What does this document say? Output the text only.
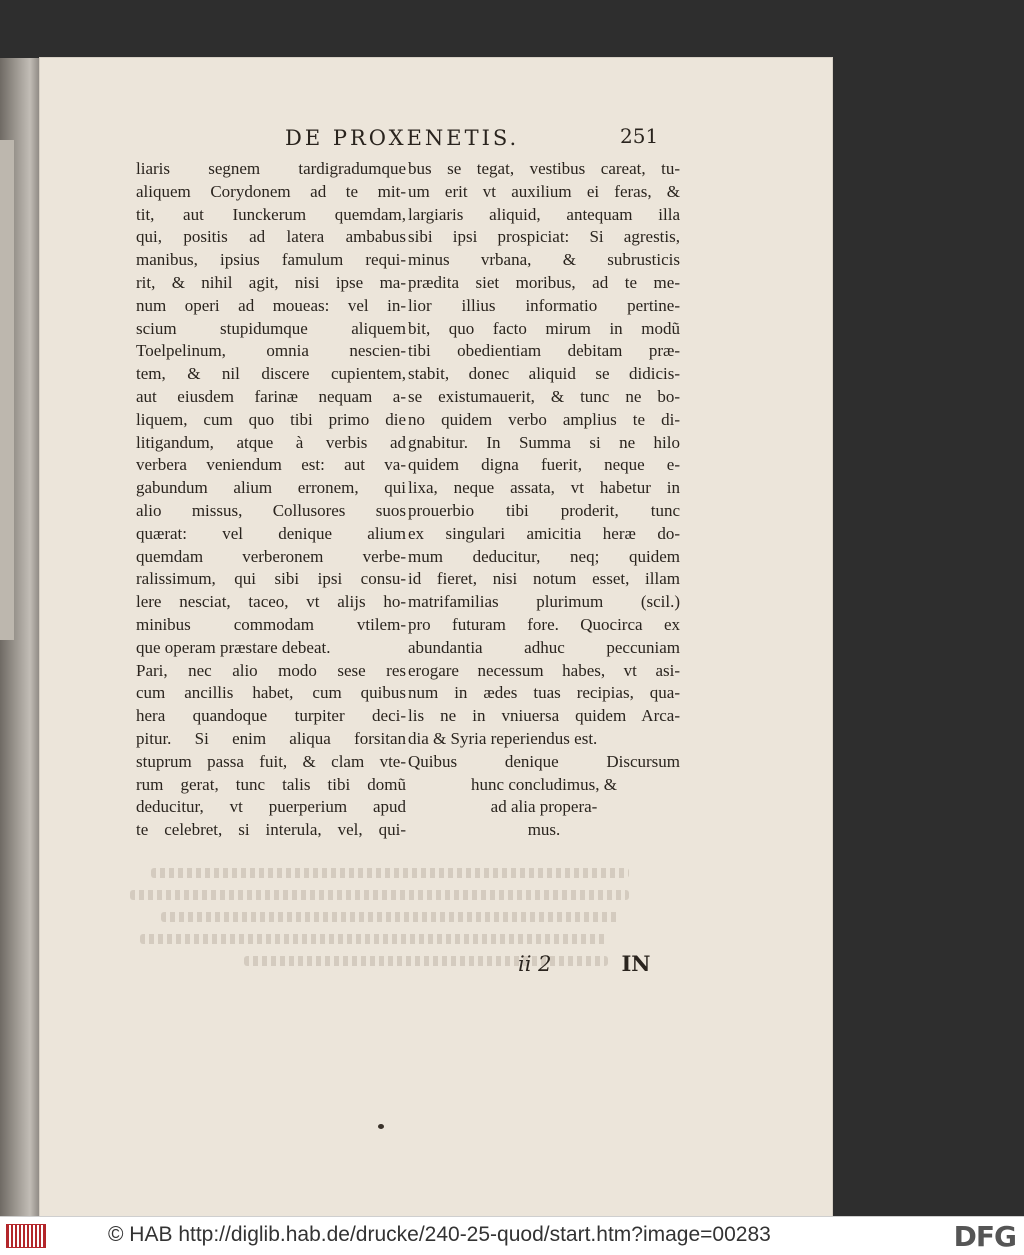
DE PROXENETIS.	251
liaris segnem tardigradumque
aliquem Corydonem ad te mit-
tit, aut Iunckerum quemdam,
qui, positis ad latera ambabus
manibus, ipsius famulum requi-
rit, & nihil agit, nisi ipse ma-
num operi ad moueas: vel in-
scium stupidumque aliquem
Toelpelinum, omnia nescien-
tem, & nil discere cupientem,
aut eiusdem farinæ nequam a-
liquem, cum quo tibi primo die
litigandum, atque à verbis ad
verbera veniendum est: aut va-
gabundum alium erronem, qui
alio missus, Collusores suos
quærat: vel denique alium
quemdam verberonem verbe-
ralissimum, qui sibi ipsi consu-
lere nesciat, taceo, vt alijs ho-
minibus commodam vtilem-
que operam præstare debeat.
Pari, nec alio modo sese res
cum ancillis habet, cum quibus
hera quandoque turpiter deci-
pitur. Si enim aliqua forsitan
stuprum passa fuit, & clam vte-
rum gerat, tunc talis tibi domũ
deducitur, vt puerperium apud
te celebret, si interula, vel, qui-
bus se tegat, vestibus careat, tu-
um erit vt auxilium ei feras, &
largiaris aliquid, antequam illa
sibi ipsi prospiciat: Si agrestis,
minus vrbana, & subrusticis
prædita siet moribus, ad te me-
lior illius informatio pertine-
bit, quo facto mirum in modũ
tibi obedientiam debitam præ-
stabit, donec aliquid se didicis-
se existumauerit, & tunc ne bo-
no quidem verbo amplius te di-
gnabitur. In Summa si ne hilo
quidem digna fuerit, neque e-
lixa, neque assata, vt habetur in
prouerbio tibi proderit, tunc
ex singulari amicitia heræ do-
mum deducitur, neq; quidem
id fieret, nisi notum esset, illam
matrifamilias plurimum (scil.)
pro futuram fore. Quocirca ex
abundantia adhuc peccuniam
erogare necessum habes, vt asi-
num in ædes tuas recipias, qua-
lis ne in vniuersa quidem Arca-
dia & Syria reperiendus est.
Quibus denique Discursum
hunc concludimus, &
ad alia propera-
mus.
ii 2	IN
© HAB http://diglib.hab.de/drucke/240-25-quod/start.htm?image=00283	DFG
